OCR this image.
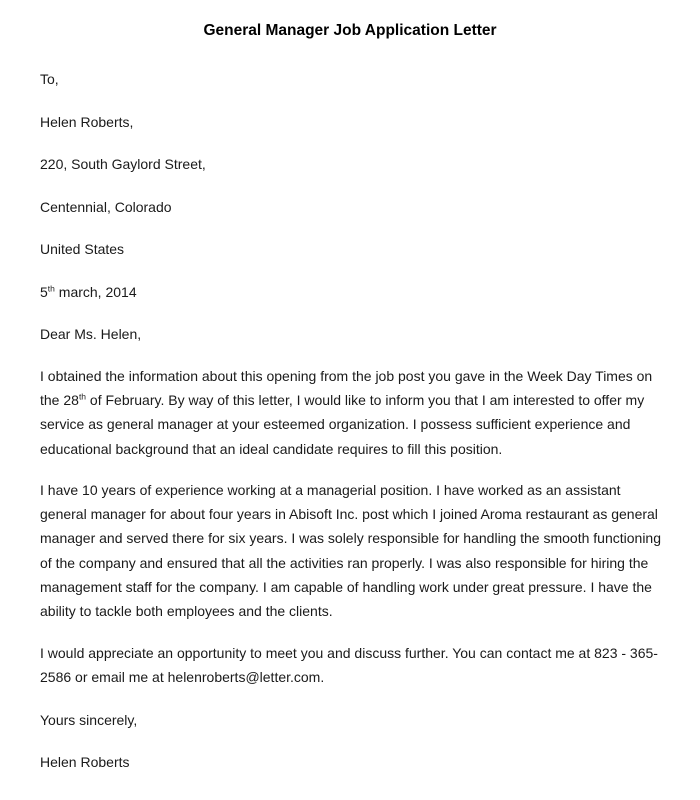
General Manager Job Application Letter

To,

Helen Roberts,

220, South Gaylord Street,

Centennial, Colorado

United States

5th march, 2014

Dear Ms. Helen,

I obtained the information about this opening from the job post you gave in the Week Day Times on the 28th of February. By way of this letter, I would like to inform you that I am interested to offer my service as general manager at your esteemed organization. I possess sufficient experience and educational background that an ideal candidate requires to fill this position.

I have 10 years of experience working at a managerial position. I have worked as an assistant general manager for about four years in Abisoft Inc. post which I joined Aroma restaurant as general manager and served there for six years. I was solely responsible for handling the smooth functioning of the company and ensured that all the activities ran properly. I was also responsible for hiring the management staff for the company. I am capable of handling work under great pressure. I have the ability to tackle both employees and the clients.

I would appreciate an opportunity to meet you and discuss further. You can contact me at 823 - 365-2586 or email me at helenroberts@letter.com.

Yours sincerely,

Helen Roberts
